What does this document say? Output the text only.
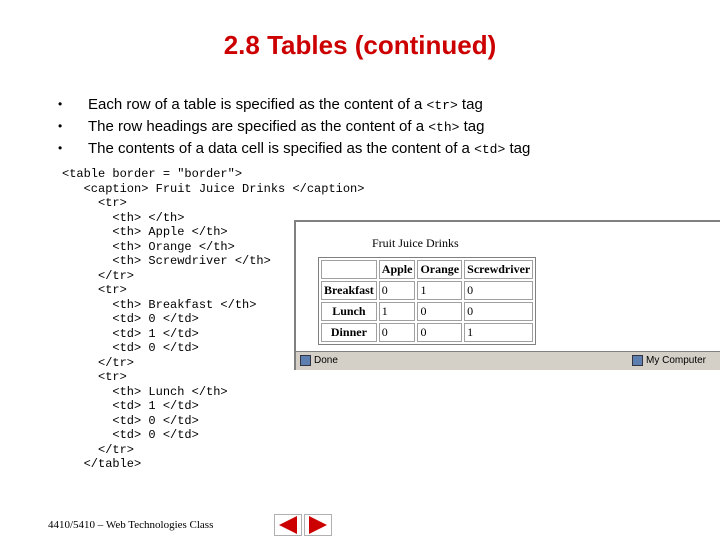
2.8 Tables (continued)
• Each row of a table is specified as the content of a <tr> tag
• The row headings are specified as the content of a <th> tag
• The contents of a data cell is specified as the content of a <td> tag
<table border = "border">
<caption> Fruit Juice Drinks </caption>
<tr>
<th> </th>
<th> Apple </th>
<th> Orange </th>
<th> Screwdriver </th>
</tr>
<tr>
<th> Breakfast </th>
<td> 0 </td>
<td> 1 </td>
<td> 0 </td>
</tr>
<tr>
<th> Lunch </th>
<td> 1 </td>
<td> 0 </td>
<td> 0 </td>
</tr>
</table>
Fruit Juice Drinks
	Apple	Orange	Screwdriver
Breakfast	0	1	0
Lunch	1	0	0
Dinner	0	0	1
Done	My Computer
4410/5410 – Web Technologies Class
